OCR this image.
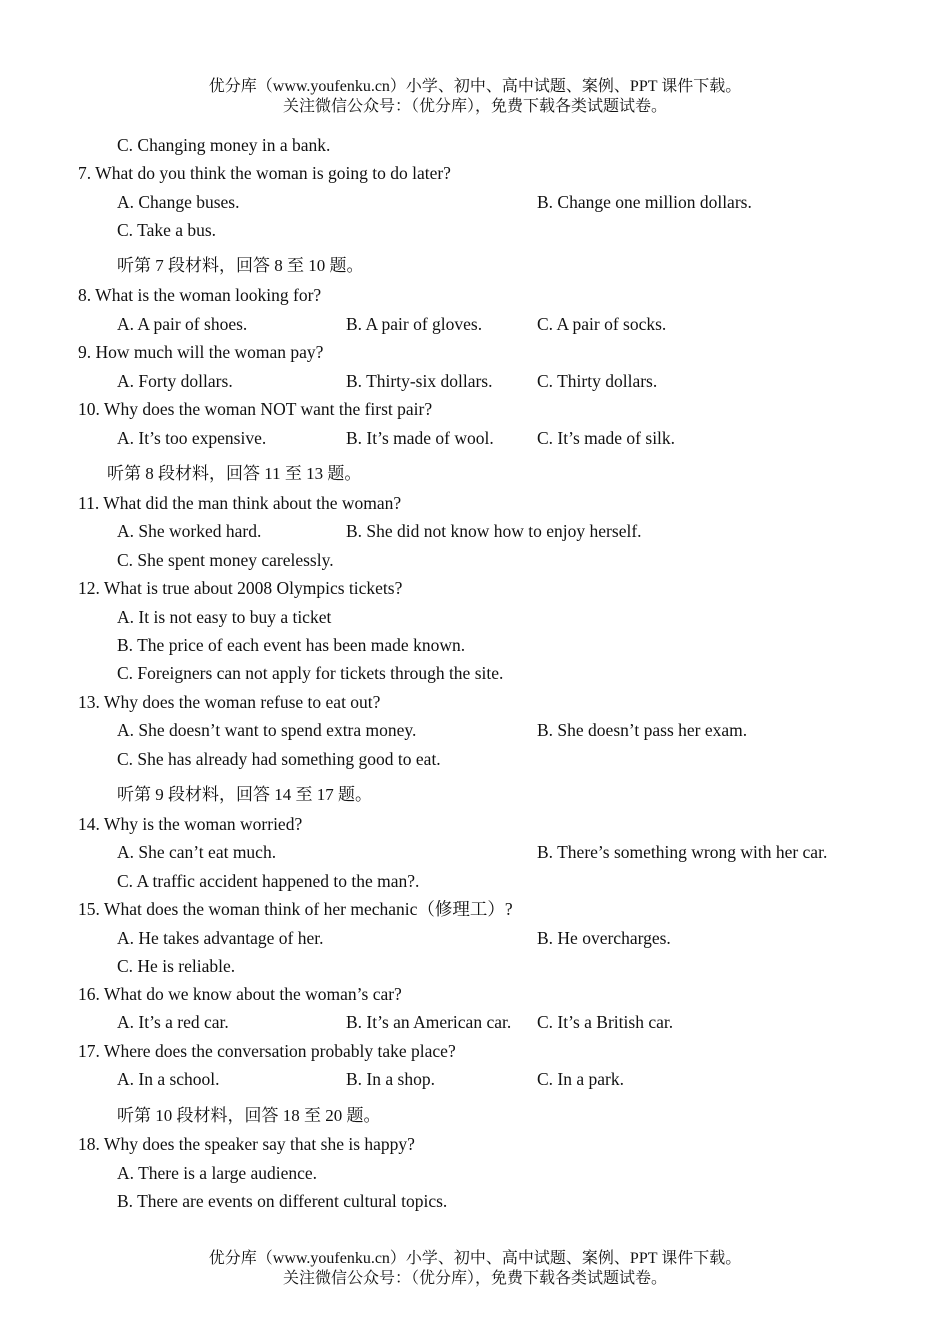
优分库（www.youfenku.cn）小学、初中、高中试题、案例、PPT 课件下载。
关注微信公众号：（优分库），免费下载各类试题试卷。
C. Changing money in a bank.
7. What do you think the woman is going to do later?
A. Change buses.	B. Change one million dollars.
C. Take a bus.
听第 7 段材料，回答 8 至 10 题。
8. What is the woman looking for?
A. A pair of shoes.	B. A pair of gloves.	C. A pair of socks.
9. How much will the woman pay?
A. Forty dollars.	B. Thirty-six dollars.	C. Thirty dollars.
10. Why does the woman NOT want the first pair?
A. It’s too expensive.	B. It’s made of wool. C. It’s made of silk.
听第 8 段材料，回答 11 至 13 题。
11. What did the man think about the woman?
A. She worked hard.	B. She did not know how to enjoy herself.
C. She spent money carelessly.
12. What is true about 2008 Olympics tickets?
A. It is not easy to buy a ticket
B. The price of each event has been made known.
C. Foreigners can not apply for tickets through the site.
13. Why does the woman refuse to eat out?
A. She doesn’t want to spend extra money.	B. She doesn’t pass her exam.
C. She has already had something good to eat.
听第 9 段材料，回答 14 至 17 题。
14. Why is the woman worried?
A. She can’t eat much.	B. There’s something wrong with her car.
C. A traffic accident happened to the man?.
15. What does the woman think of her mechanic（修理工）?
A. He takes advantage of her.	B. He overcharges.
C. He is reliable.
16. What do we know about the woman’s car?
A. It’s a red car.	B. It’s an American car. C. It’s a British car.
17. Where does the conversation probably take place?
A. In a school.	B. In a shop.	C. In a park.
听第 10 段材料，回答 18 至 20 题。
18. Why does the speaker say that she is happy?
A. There is a large audience.
B. There are events on different cultural topics.
优分库（www.youfenku.cn）小学、初中、高中试题、案例、PPT 课件下载。
关注微信公众号：（优分库），免费下载各类试题试卷。
